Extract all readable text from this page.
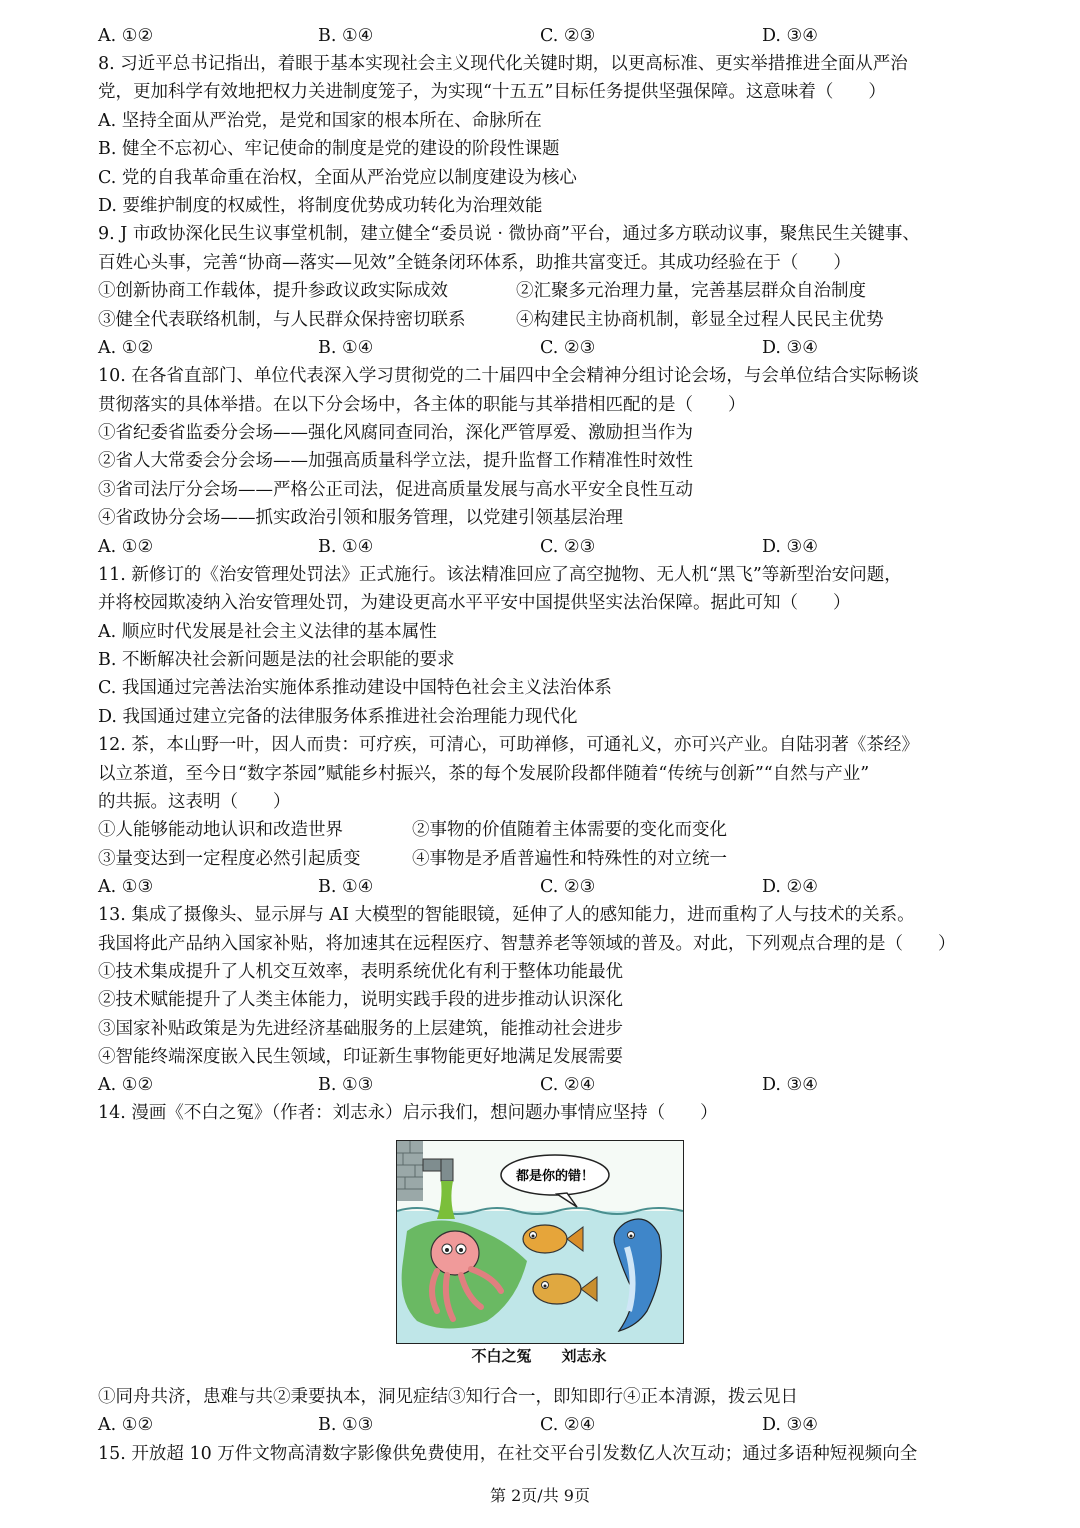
A. ①②	B. ①④	C. ②③	D. ③④
8. 习近平总书记指出，着眼于基本实现社会主义现代化关键时期，以更高标准、更实举措推进全面从严治
党，更加科学有效地把权力关进制度笼子，为实现“十五五”目标任务提供坚强保障。这意味着（　　）
A. 坚持全面从严治党，是党和国家的根本所在、命脉所在
B. 健全不忘初心、牢记使命的制度是党的建设的阶段性课题
C. 党的自我革命重在治权，全面从严治党应以制度建设为核心
D. 要维护制度的权威性，将制度优势成功转化为治理效能
9. J 市政协深化民生议事堂机制，建立健全“委员说 · 微协商”平台，通过多方联动议事，聚焦民生关键事、
百姓心头事，完善“协商—落实—见效”全链条闭环体系，助推共富变迁。其成功经验在于（　　）
①创新协商工作载体，提升参政议政实际成效	②汇聚多元治理力量，完善基层群众自治制度
③健全代表联络机制，与人民群众保持密切联系	④构建民主协商机制，彰显全过程人民民主优势
A. ①②	B. ①④	C. ②③	D. ③④
10. 在各省直部门、单位代表深入学习贯彻党的二十届四中全会精神分组讨论会场，与会单位结合实际畅谈
贯彻落实的具体举措。在以下分会场中，各主体的职能与其举措相匹配的是（　　）
①省纪委省监委分会场——强化风腐同查同治，深化严管厚爱、激励担当作为
②省人大常委会分会场——加强高质量科学立法，提升监督工作精准性时效性
③省司法厅分会场——严格公正司法，促进高质量发展与高水平安全良性互动
④省政协分会场——抓实政治引领和服务管理，以党建引领基层治理
A. ①②	B. ①④	C. ②③	D. ③④
11. 新修订的《治安管理处罚法》正式施行。该法精准回应了高空抛物、无人机“黑飞”等新型治安问题，
并将校园欺凌纳入治安管理处罚，为建设更高水平平安中国提供坚实法治保障。据此可知（　　）
A. 顺应时代发展是社会主义法律的基本属性
B. 不断解决社会新问题是法的社会职能的要求
C. 我国通过完善法治实施体系推动建设中国特色社会主义法治体系
D. 我国通过建立完备的法律服务体系推进社会治理能力现代化
12. 茶，本山野一叶，因人而贵：可疗疾，可清心，可助禅修，可通礼义，亦可兴产业。自陆羽著《茶经》
以立茶道，至今日“数字茶园”赋能乡村振兴，茶的每个发展阶段都伴随着“传统与创新”“自然与产业”
的共振。这表明（　　）
①人能够能动地认识和改造世界	②事物的价值随着主体需要的变化而变化
③量变达到一定程度必然引起质变	④事物是矛盾普遍性和特殊性的对立统一
A. ①③	B. ①④	C. ②③	D. ②④
13. 集成了摄像头、显示屏与 AI 大模型的智能眼镜，延伸了人的感知能力，进而重构了人与技术的关系。
我国将此产品纳入国家补贴，将加速其在远程医疗、智慧养老等领域的普及。对此，下列观点合理的是（　　）
①技术集成提升了人机交互效率，表明系统优化有利于整体功能最优
②技术赋能提升了人类主体能力，说明实践手段的进步推动认识深化
③国家补贴政策是为先进经济基础服务的上层建筑，能推动社会进步
④智能终端深度嵌入民生领域，印证新生事物能更好地满足发展需要
A. ①②	B. ①③	C. ②④	D. ③④
14. 漫画《不白之冤》（作者：刘志永）启示我们，想问题办事情应坚持（　　）
都是你的错！
不白之冤　　刘志永
①同舟共济，患难与共②秉要执本，洞见症结③知行合一，即知即行④正本清源，拨云见日
A. ①②	B. ①③	C. ②④	D. ③④
15. 开放超 10 万件文物高清数字影像供免费使用，在社交平台引发数亿人次互动；通过多语种短视频向全
第 2页/共 9页
